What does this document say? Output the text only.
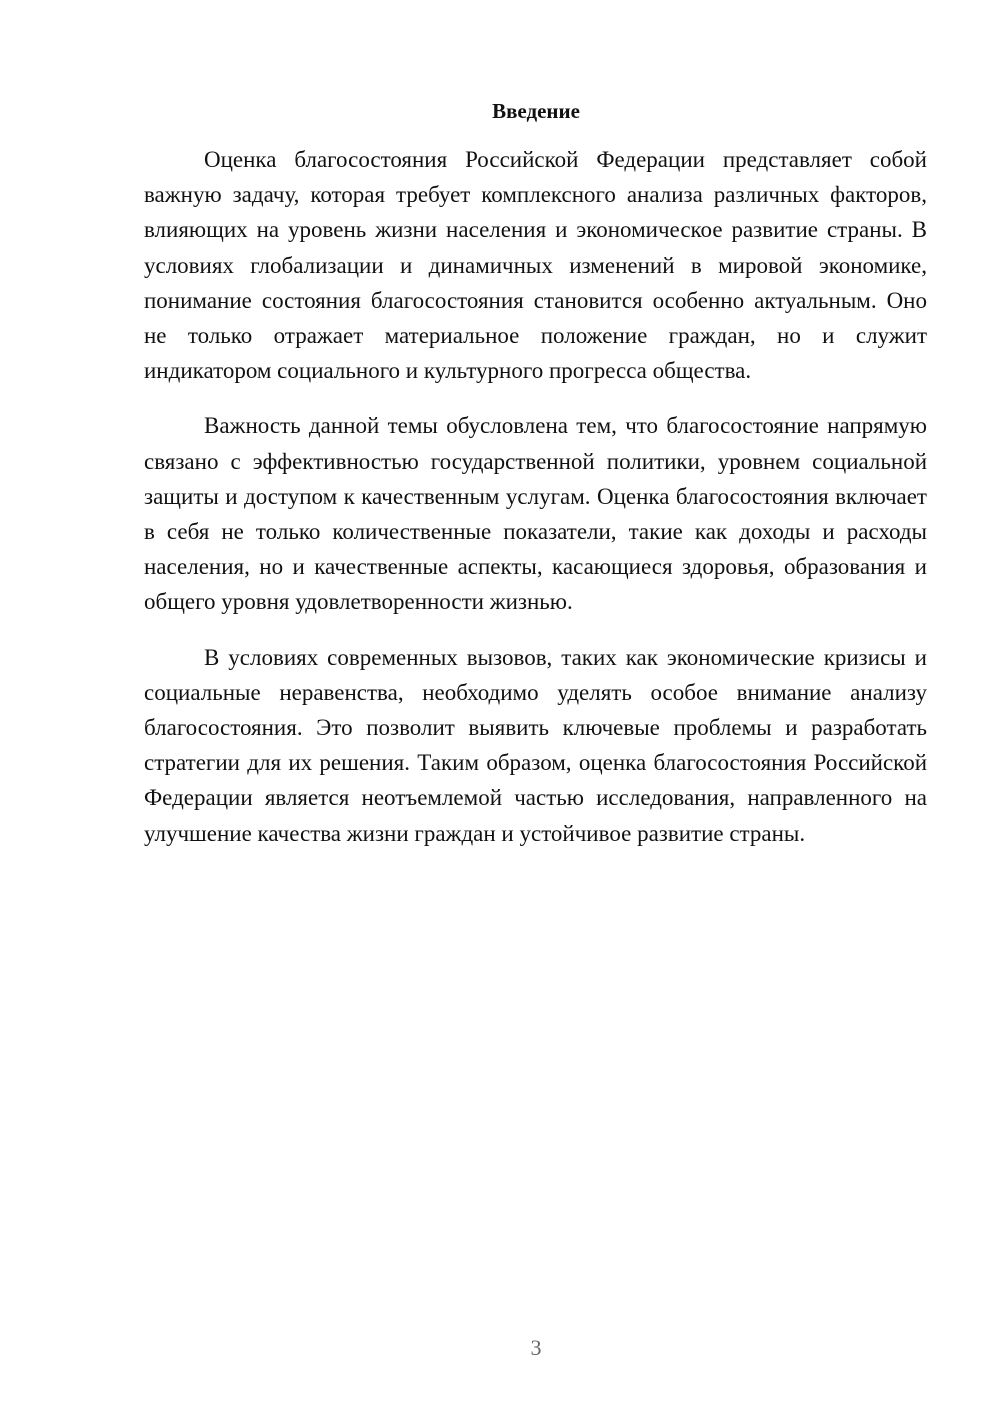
Введение

Оценка благосостояния Российской Федерации представляет собой важную задачу, которая требует комплексного анализа различных факторов, влияющих на уровень жизни населения и экономическое развитие страны. В условиях глобализации и динамичных изменений в мировой экономике, понимание состояния благосостояния становится особенно актуальным. Оно не только отражает материальное положение граждан, но и служит индикатором социального и культурного прогресса общества.

Важность данной темы обусловлена тем, что благосостояние напрямую связано с эффективностью государственной политики, уровнем социальной защиты и доступом к качественным услугам. Оценка благосостояния включает в себя не только количественные показатели, такие как доходы и расходы населения, но и качественные аспекты, касающиеся здоровья, образования и общего уровня удовлетворенности жизнью.

В условиях современных вызовов, таких как экономические кризисы и социальные неравенства, необходимо уделять особое внимание анализу благосостояния. Это позволит выявить ключевые проблемы и разработать стратегии для их решения. Таким образом, оценка благосостояния Российской Федерации является неотъемлемой частью исследования, направленного на улучшение качества жизни граждан и устойчивое развитие страны.

3
